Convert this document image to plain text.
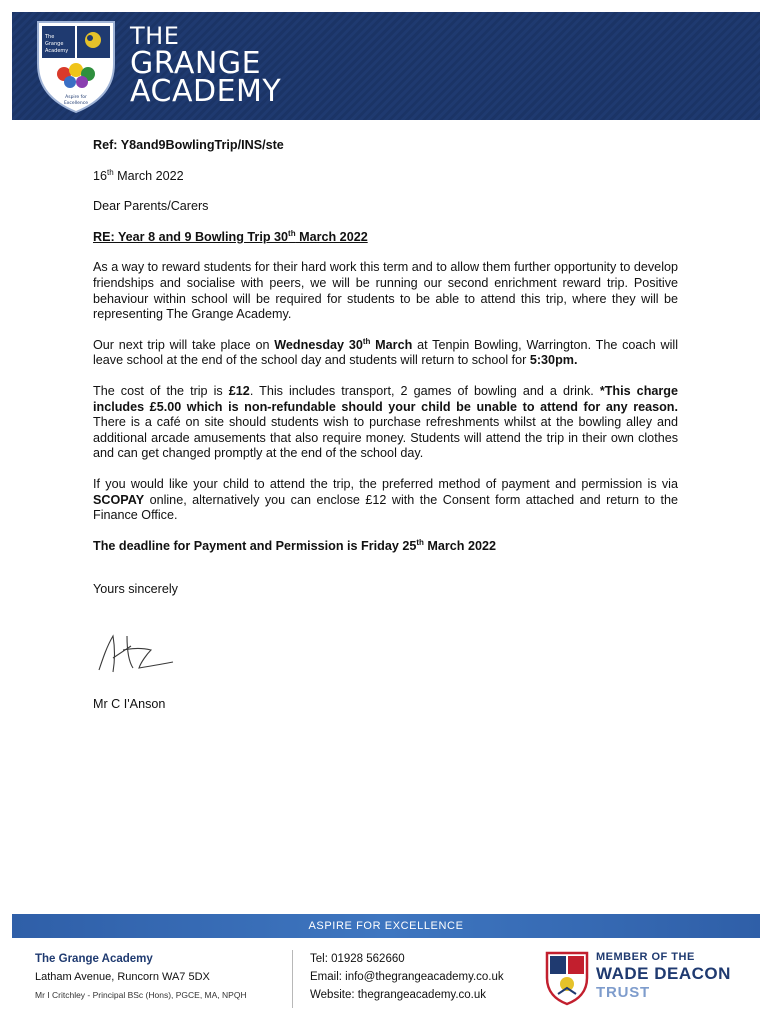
The
Grange
Academy
Aspire for
Excellence
THE
GRANGE
ACADEMY
Ref: Y8and9BowlingTrip/INS/ste
16th March 2022
Dear Parents/Carers
RE: Year 8 and 9 Bowling Trip 30th March 2022
As a way to reward students for their hard work this term and to allow them further opportunity to develop friendships and socialise with peers, we will be running our second enrichment reward trip. Positive behaviour within school will be required for students to be able to attend this trip, where they will be representing The Grange Academy.
Our next trip will take place on Wednesday 30th March at Tenpin Bowling, Warrington. The coach will leave school at the end of the school day and students will return to school for 5:30pm.
The cost of the trip is £12. This includes transport, 2 games of bowling and a drink. *This charge includes £5.00 which is non-refundable should your child be unable to attend for any reason. There is a café on site should students wish to purchase refreshments whilst at the bowling alley and additional arcade amusements that also require money. Students will attend the trip in their own clothes and can get changed promptly at the end of the school day.
If you would like your child to attend the trip, the preferred method of payment and permission is via SCOPAY online, alternatively you can enclose £12 with the Consent form attached and return to the Finance Office.
The deadline for Payment and Permission is Friday 25th March 2022
Yours sincerely
Mr C I'Anson
ASPIRE FOR EXCELLENCE
The Grange Academy
Latham Avenue, Runcorn WA7 5DX
Mr I Critchley - Principal BSc (Hons), PGCE, MA, NPQH
Tel: 01928 562660
Email: info@thegrangeacademy.co.uk
Website: thegrangeacademy.co.uk
MEMBER OF THE
WADE DEACON
TRUST
